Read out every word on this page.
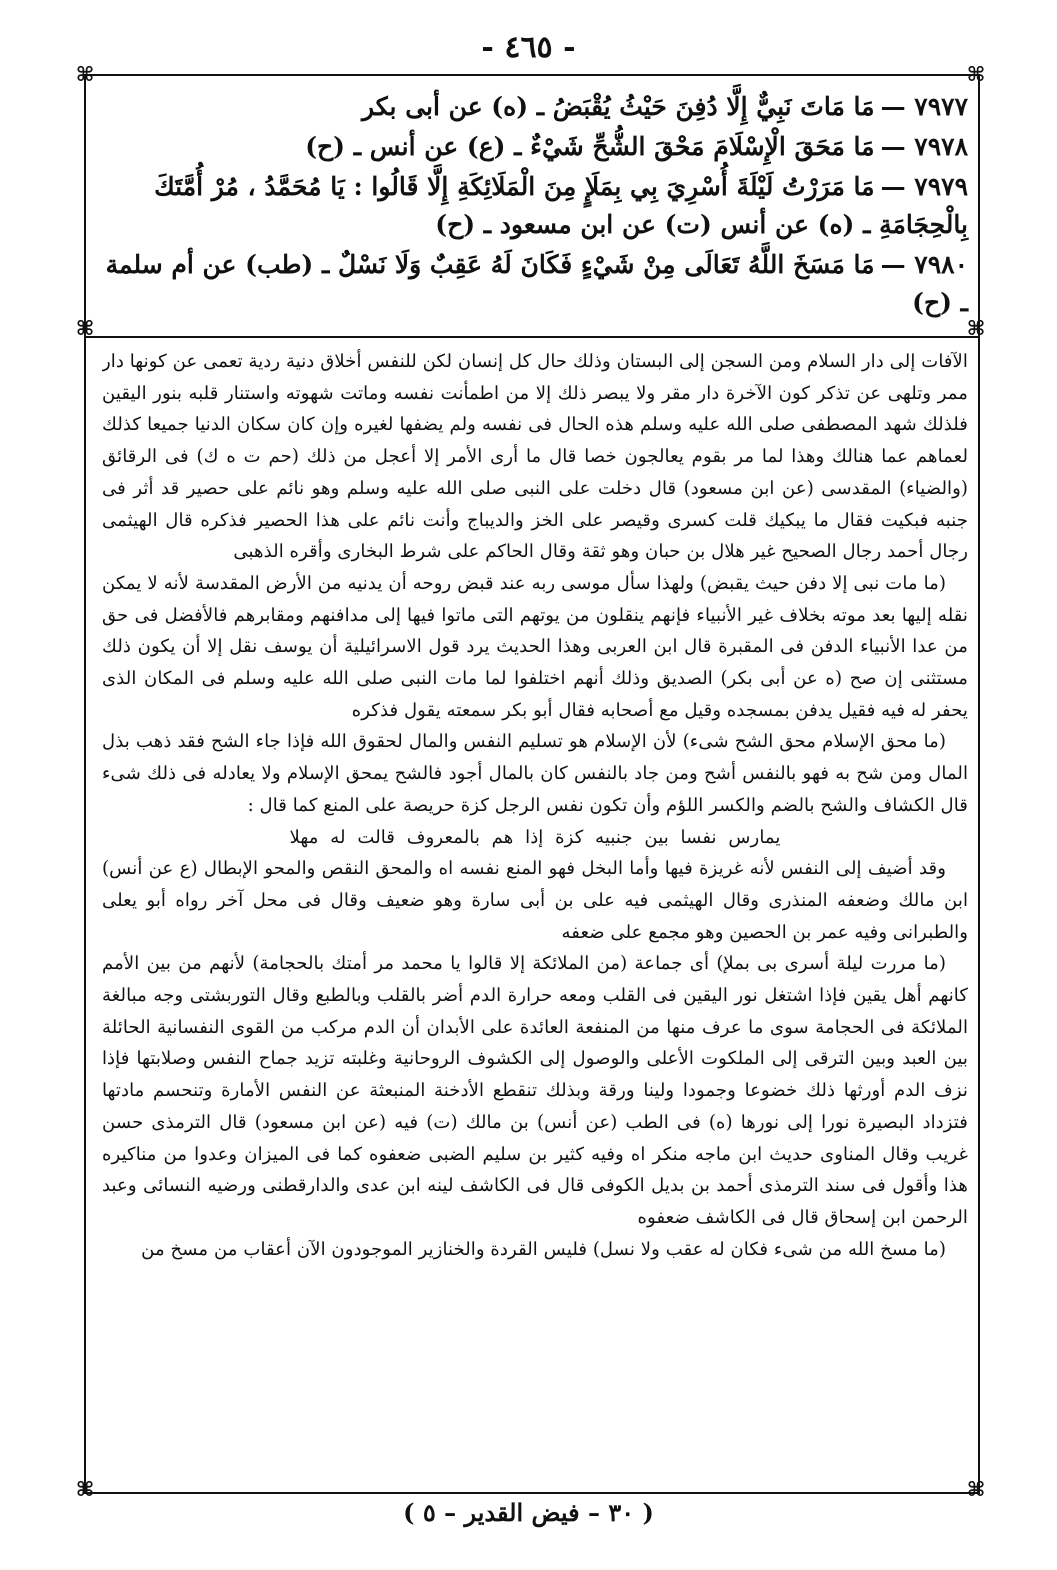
- ٤٦٥ -
⌘	⌘
⌘	⌘
⌘	⌘

٧٩٧٧ —مَا مَاتَ نَبِيٌّ إِلَّا دُفِنَ حَيْثُ يُقْبَضُ ـ (ه) عن أبى بكر

٧٩٧٨ —مَا مَحَقَ الْإِسْلَامَ مَحْقَ الشُّحِّ شَيْءٌ ـ (ع) عن أنس ـ (ح)

٧٩٧٩ —مَا مَرَرْتُ لَيْلَةَ أُسْرِيَ بِي بِمَلَإٍ مِنَ الْمَلَائِكَةِ إِلَّا قَالُوا : يَا مُحَمَّدُ ، مُرْ أُمَّتَكَ بِالْحِجَامَةِ ـ (ه) عن أنس (ت) عن ابن مسعود ـ (ح)

٧٩٨٠ —مَا مَسَخَ اللَّهُ تَعَالَى مِنْ شَيْءٍ فَكَانَ لَهُ عَقِبٌ وَلَا نَسْلٌ ـ (طب) عن أم سلمة ـ (ح)

الآفات إلى دار السلام ومن السجن إلى البستان وذلك حال كل إنسان لكن للنفس أخلاق دنية ردية تعمى عن كونها دار ممر وتلهى عن تذكر كون الآخرة دار مقر ولا يبصر ذلك إلا من اطمأنت نفسه وماتت شهوته واستنار قلبه بنور اليقين فلذلك شهد المصطفى صلى الله عليه وسلم هذه الحال فى نفسه ولم يضفها لغيره وإن كان سكان الدنيا جميعا كذلك لعماهم عما هنالك وهذا لما مر بقوم يعالجون خصا قال ما أرى الأمر إلا أعجل من ذلك (حم ت ه ك) فى الرقائق (والضياء) المقدسى (عن ابن مسعود) قال دخلت على النبى صلى الله عليه وسلم وهو نائم على حصير قد أثر فى جنبه فبكيت فقال ما يبكيك قلت كسرى وقيصر على الخز والديباج وأنت نائم على هذا الحصير فذكره قال الهيثمى رجال أحمد رجال الصحيح غير هلال بن حبان وهو ثقة وقال الحاكم على شرط البخارى وأقره الذهبى

(ما مات نبى إلا دفن حيث يقبض) ولهذا سأل موسى ربه عند قبض روحه أن يدنيه من الأرض المقدسة لأنه لا يمكن نقله إليها بعد موته بخلاف غير الأنبياء فإنهم ينقلون من يوتهم التى ماتوا فيها إلى مدافنهم ومقابرهم فالأفضل فى حق من عدا الأنبياء الدفن فى المقبرة قال ابن العربى وهذا الحديث يرد قول الاسرائيلية أن يوسف نقل إلا أن يكون ذلك مستثنى إن صح (ه عن أبى بكر) الصديق وذلك أنهم اختلفوا لما مات النبى صلى الله عليه وسلم فى المكان الذى يحفر له فيه فقيل يدفن بمسجده وقيل مع أصحابه فقال أبو بكر سمعته يقول فذكره

(ما محق الإسلام محق الشح شىء) لأن الإسلام هو تسليم النفس والمال لحقوق الله فإذا جاء الشح فقد ذهب بذل المال ومن شح به فهو بالنفس أشح ومن جاد بالنفس كان بالمال أجود فالشح يمحق الإسلام ولا يعادله فى ذلك شىء قال الكشاف والشح بالضم والكسر اللؤم وأن تكون نفس الرجل كزة حريصة على المنع كما قال :

يمارس نفسا بين جنبيه كزة إذا هم بالمعروف قالت له مهلا

وقد أضيف إلى النفس لأنه غريزة فيها وأما البخل فهو المنع نفسه اه والمحق النقص والمحو الإبطال (ع عن أنس) ابن مالك وضعفه المنذرى وقال الهيثمى فيه على بن أبى سارة وهو ضعيف وقال فى محل آخر رواه أبو يعلى والطبرانى وفيه عمر بن الحصين وهو مجمع على ضعفه

(ما مررت ليلة أسرى بى بملإ) أى جماعة (من الملائكة إلا قالوا يا محمد مر أمتك بالحجامة) لأنهم من بين الأمم كانهم أهل يقين فإذا اشتغل نور اليقين فى القلب ومعه حرارة الدم أضر بالقلب وبالطبع وقال التوربشتى وجه مبالغة الملائكة فى الحجامة سوى ما عرف منها من المنفعة العائدة على الأبدان أن الدم مركب من القوى النفسانية الحائلة بين العبد وبين الترقى إلى الملكوت الأعلى والوصول إلى الكشوف الروحانية وغلبته تزيد جماح النفس وصلابتها فإذا نزف الدم أورثها ذلك خضوعا وجمودا ولينا ورقة وبذلك تنقطع الأدخنة المنبعثة عن النفس الأمارة وتنحسم مادتها فتزداد البصيرة نورا إلى نورها (ه) فى الطب (عن أنس) بن مالك (ت) فيه (عن ابن مسعود) قال الترمذى حسن غريب وقال المناوى حديث ابن ماجه منكر اه وفيه كثير بن سليم الضبى ضعفوه كما فى الميزان وعدوا من مناكيره هذا وأقول فى سند الترمذى أحمد بن بديل الكوفى قال فى الكاشف لينه ابن عدى والدارقطنى ورضيه النسائى وعبد الرحمن ابن إسحاق قال فى الكاشف ضعفوه

(ما مسخ الله من شىء فكان له عقب ولا نسل) فليس القردة والخنازير الموجودون الآن أعقاب من مسخ من

( ٣٠ – فيض القدير – ٥ )
